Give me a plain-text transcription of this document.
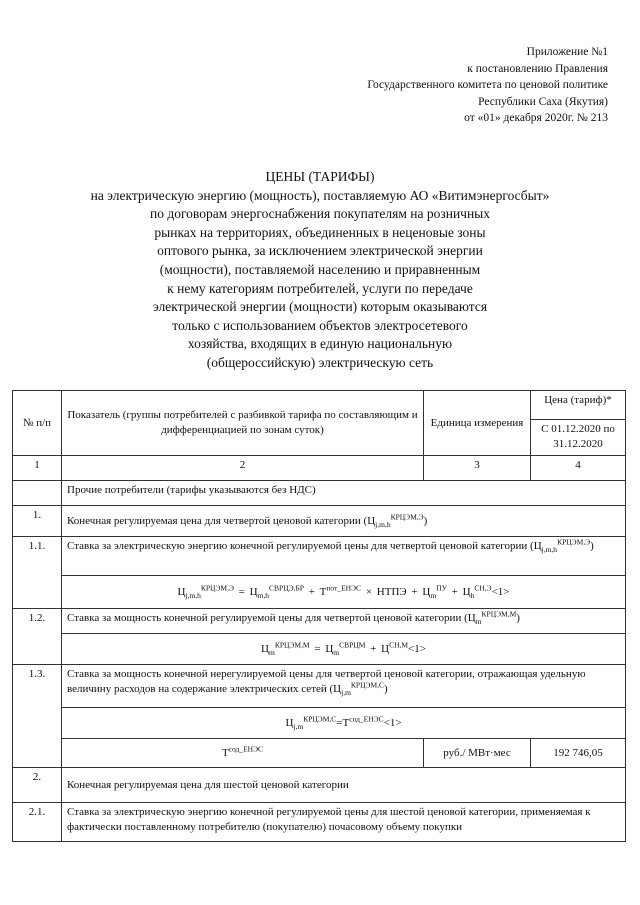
Приложение №1
к постановлению Правления
Государственного комитета по ценовой политике
Республики Саха (Якутия)
от «01» декабря 2020г. № 213
ЦЕНЫ (ТАРИФЫ)
на электрическую энергию (мощность), поставляемую АО «Витимэнергосбыт»
по договорам энергоснабжения покупателям на розничных
рынках на территориях, объединенных в неценовые зоны
оптового рынка, за исключением электрической энергии
(мощности), поставляемой населению и приравненным
к нему категориям потребителей, услуги по передаче
электрической энергии (мощности) которым оказываются
только с использованием объектов электросетевого
хозяйства, входящих в единую национальную
(общероссийскую) электрическую сеть
№ п/п	Показатель (группы потребителей с разбивкой тарифа по составляющим и дифференциацией по зонам суток)	Единица измерения	Цена (тариф)*
			С 01.12.2020 по 31.12.2020
1	2	3	4
	Прочие потребители (тарифы указываются без НДС)		
1.	Конечная регулируемая цена для четвертой ценовой категории $(Ц_{j,m,h}^{КРЦЭМ,Э})$		
1.1.	Ставка за электрическую энергию конечной регулируемой цены для четвертой ценовой категории $(Ц_{j,m,h}^{КРЦЭМ,Э})$		
	$Ц_{j,m,h}^{КРЦЭМ,Э} = Ц_{m,h}^{СВРЦЭ,БР} + Т^{пот\_ЕНЭС}$ × НТПЭ + $Ц_m^{ПУ} + Ц_h^{СН,Э}<1>$		
1.2.	Ставка за мощность конечной регулируемой цены для четвертой ценовой категории $(Ц_m^{КРЦЭМ,М})$		
	$Ц_m^{КРЦЭМ,М} = Ц_m^{СВРЦМ} + Ц^{СН,М}<1>$		
1.3.	Ставка за мощность конечной нерегулируемой цены для четвертой ценовой категории, отражающая удельную величину расходов на содержание электрических сетей $(Ц_{j,m}^{КРЦЭМ,С})$		
	$Ц_{j,m}^{КРЦЭМ,С}=Т^{сод\_ЕНЭС}<1>$		
	$Т^{сод\_ЕНЭС}$	руб./ МВт·мес	192 746,05
2.	Конечная регулируемая цена для шестой ценовой категории		
2.1.	Ставка за электрическую энергию конечной регулируемой цены для шестой ценовой категории, применяемая к фактически поставленному потребителю (покупателю) почасовому объему покупки		
